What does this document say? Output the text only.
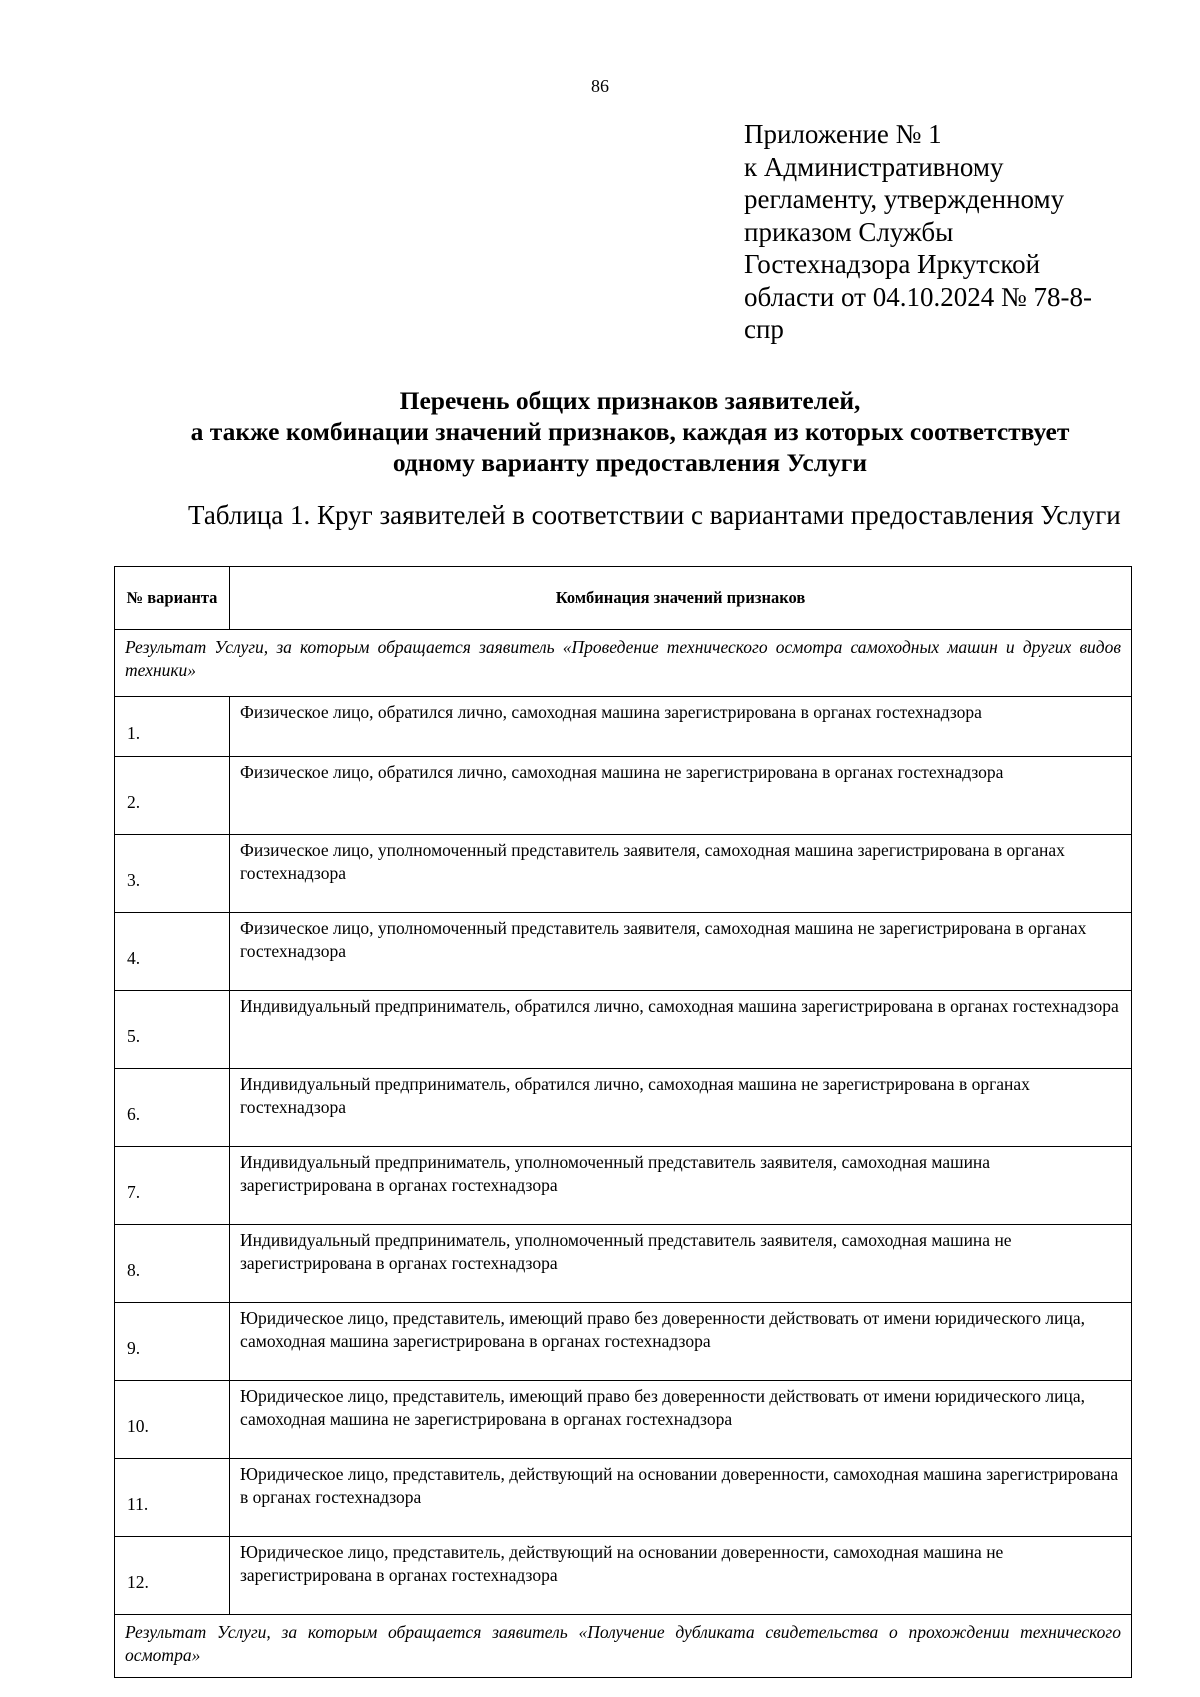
86
Приложение № 1
к Административному
регламенту, утвержденному
приказом Службы
Гостехнадзора Иркутской
области от 04.10.2024 № 78-8-
спр
Перечень общих признаков заявителей,
а также комбинации значений признаков, каждая из которых соответствует
одному варианту предоставления Услуги
Таблица 1. Круг заявителей в соответствии с вариантами предоставления Услуги
№ варианта	Комбинация значений признаков

Результат Услуги, за которым обращается заявитель «Проведение технического осмотра самоходных машин и других видов техники»	

1.	Физическое лицо, обратился лично, самоходная машина зарегистрирована в органах гостехнадзора
2.	Физическое лицо, обратился лично, самоходная машина не зарегистрирована в органах гостехнадзора
3.	Физическое лицо, уполномоченный представитель заявителя, самоходная машина зарегистрирована в органах гостехнадзора
4.	Физическое лицо, уполномоченный представитель заявителя, самоходная машина не зарегистрирована в органах гостехнадзора
5.	Индивидуальный предприниматель, обратился лично, самоходная машина зарегистрирована в органах гостехнадзора
6.	Индивидуальный предприниматель, обратился лично, самоходная машина не зарегистрирована в органах гостехнадзора
7.	Индивидуальный предприниматель, уполномоченный представитель заявителя, самоходная машина зарегистрирована в органах гостехнадзора
8.	Индивидуальный предприниматель, уполномоченный представитель заявителя, самоходная машина не зарегистрирована в органах гостехнадзора
9.	Юридическое лицо, представитель, имеющий право без доверенности действовать от имени юридического лица, самоходная машина зарегистрирована в органах гостехнадзора
10.	Юридическое лицо, представитель, имеющий право без доверенности действовать от имени юридического лица, самоходная машина не зарегистрирована в органах гостехнадзора
11.	Юридическое лицо, представитель, действующий на основании доверенности, самоходная машина зарегистрирована в органах гостехнадзора
12.	Юридическое лицо, представитель, действующий на основании доверенности, самоходная машина не зарегистрирована в органах гостехнадзора

Результат Услуги, за которым обращается заявитель «Получение дубликата свидетельства о прохождении технического осмотра»	
